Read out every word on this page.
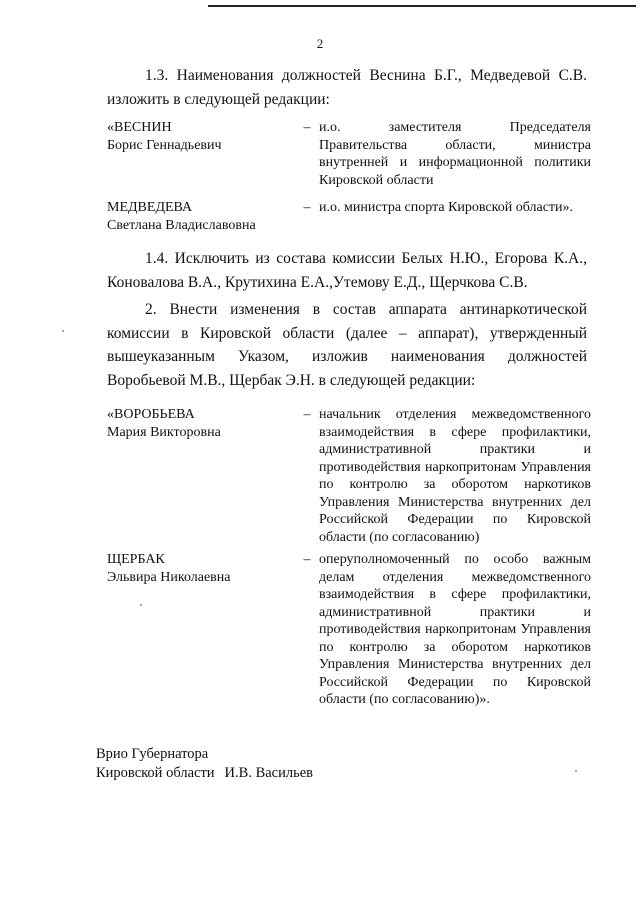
2

1.3. Наименования должностей Веснина Б.Г., Медведевой С.В. изложить в следующей редакции:

«ВЕСНИН
Борис Геннадьевич
– и.о. заместителя Председателя Правительства области, министра внутренней и информационной политики Кировской области
МЕДВЕДЕВА
Светлана Владиславовна
– и.о. министра спорта Кировской области».

1.4. Исключить из состава комиссии Белых Н.Ю., Егорова К.А., Коновалова В.А., Крутихина Е.А.,Утемову Е.Д., Щерчкова С.В.

2. Внести изменения в состав аппарата антинаркотической комиссии в Кировской области (далее – аппарат), утвержденный вышеуказанным Указом, изложив наименования должностей Воробьевой М.В., Щербак Э.Н. в следующей редакции:

«ВОРОБЬЕВА
Мария Викторовна
– начальник отделения межведомственного взаимодействия в сфере профилактики, административной практики и противодействия наркопритонам Управления по контролю за оборотом наркотиков Управления Министерства внутренних дел Российской Федерации по Кировской области (по согласованию)
ЩЕРБАК
Эльвира Николаевна
– оперуполномоченный по особо важным делам отделения межведомственного взаимодействия в сфере профилактики, административной практики и противодействия наркопритонам Управления по контролю за оборотом наркотиков Управления Министерства внутренних дел Российской Федерации по Кировской области (по согласованию)».
Врио Губернатора
Кировской области И.В. Васильев
